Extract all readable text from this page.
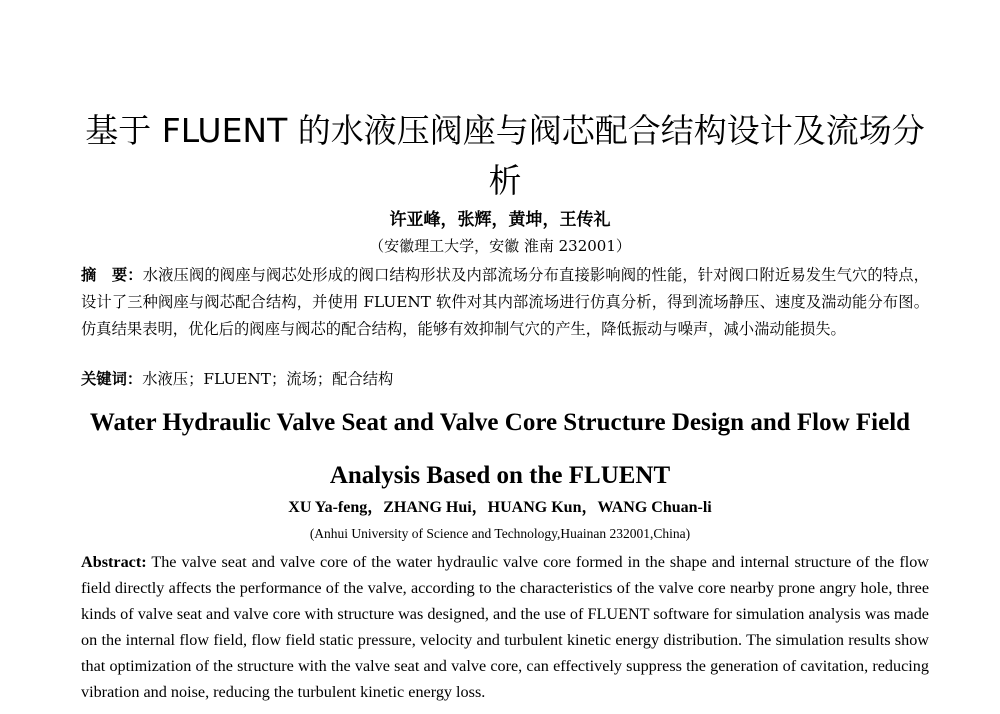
基于 FLUENT 的水液压阀座与阀芯配合结构设计及流场分析
许亚峰，张辉，黄坤，王传礼
（安徽理工大学，安徽 淮南 232001）
摘　要：水液压阀的阀座与阀芯处形成的阀口结构形状及内部流场分布直接影响阀的性能，针对阀口附近易发生气穴的特点，设计了三种阀座与阀芯配合结构，并使用 FLUENT 软件对其内部流场进行仿真分析，得到流场静压、速度及湍动能分布图。仿真结果表明，优化后的阀座与阀芯的配合结构，能够有效抑制气穴的产生，降低振动与噪声，减小湍动能损失。
关键词：水液压；FLUENT；流场；配合结构
Water Hydraulic Valve Seat and Valve Core Structure Design and Flow Field Analysis Based on the FLUENT
XU Ya-feng，ZHANG Hui，HUANG Kun，WANG Chuan-li
(Anhui University of Science and Technology,Huainan 232001,China)
Abstract: The valve seat and valve core of the water hydraulic valve core formed in the shape and internal structure of the flow field directly affects the performance of the valve, according to the characteristics of the valve core nearby prone angry hole, three kinds of valve seat and valve core with structure was designed, and the use of FLUENT software for simulation analysis was made on the internal flow field, flow field static pressure, velocity and turbulent kinetic energy distribution. The simulation results show that optimization of the structure with the valve seat and valve core, can effectively suppress the generation of cavitation, reducing vibration and noise, reducing the turbulent kinetic energy loss.
